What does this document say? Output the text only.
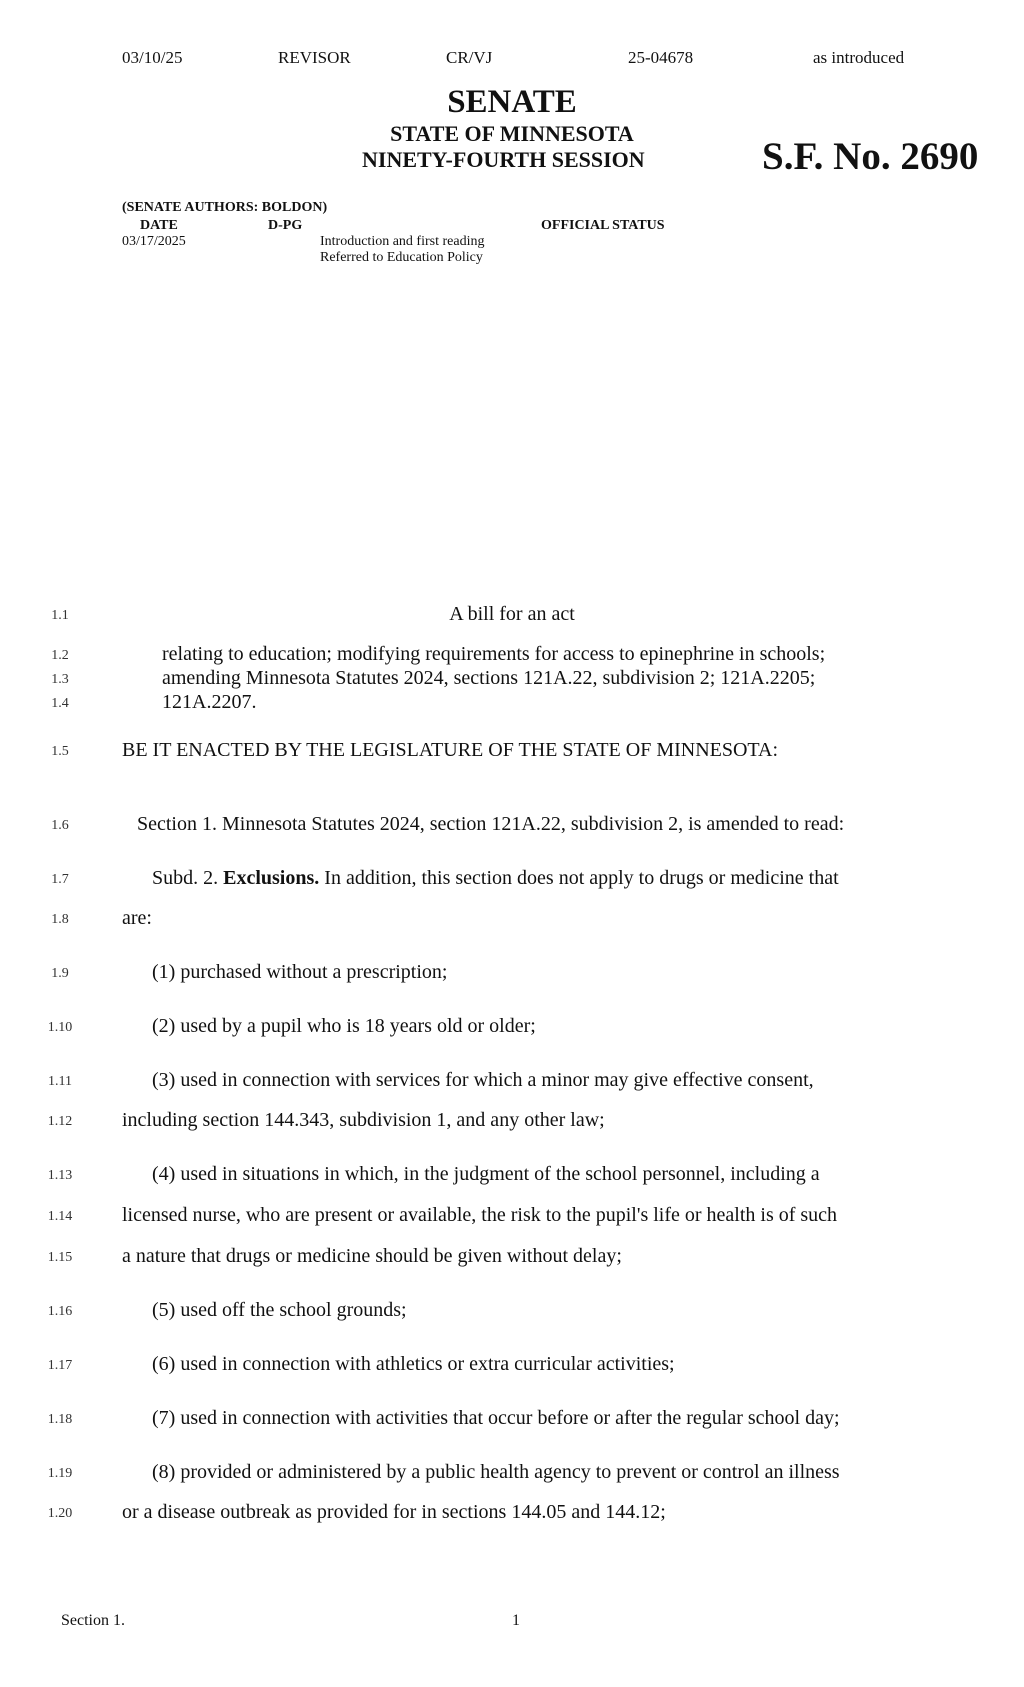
03/10/25	REVISOR	CR/VJ	25-04678	as introduced
SENATE
STATE OF MINNESOTA
NINETY-FOURTH SESSION	S.F. No. 2690
(SENATE AUTHORS: BOLDON)
DATE	D-PG	OFFICIAL STATUS
03/17/2025	Introduction and first reading
Referred to Education Policy
1.1	A bill for an act
1.2	relating to education; modifying requirements for access to epinephrine in schools;
1.3	amending Minnesota Statutes 2024, sections 121A.22, subdivision 2; 121A.2205;
1.4	121A.2207.
1.5	BE IT ENACTED BY THE LEGISLATURE OF THE STATE OF MINNESOTA:
1.6	Section 1. Minnesota Statutes 2024, section 121A.22, subdivision 2, is amended to read:
1.7	Subd. 2. Exclusions. In addition, this section does not apply to drugs or medicine that
1.8	are:
1.9	(1) purchased without a prescription;
1.10	(2) used by a pupil who is 18 years old or older;
1.11	(3) used in connection with services for which a minor may give effective consent,
1.12	including section 144.343, subdivision 1, and any other law;
1.13	(4) used in situations in which, in the judgment of the school personnel, including a
1.14	licensed nurse, who are present or available, the risk to the pupil's life or health is of such
1.15	a nature that drugs or medicine should be given without delay;
1.16	(5) used off the school grounds;
1.17	(6) used in connection with athletics or extra curricular activities;
1.18	(7) used in connection with activities that occur before or after the regular school day;
1.19	(8) provided or administered by a public health agency to prevent or control an illness
1.20	or a disease outbreak as provided for in sections 144.05 and 144.12;
Section 1.	1
